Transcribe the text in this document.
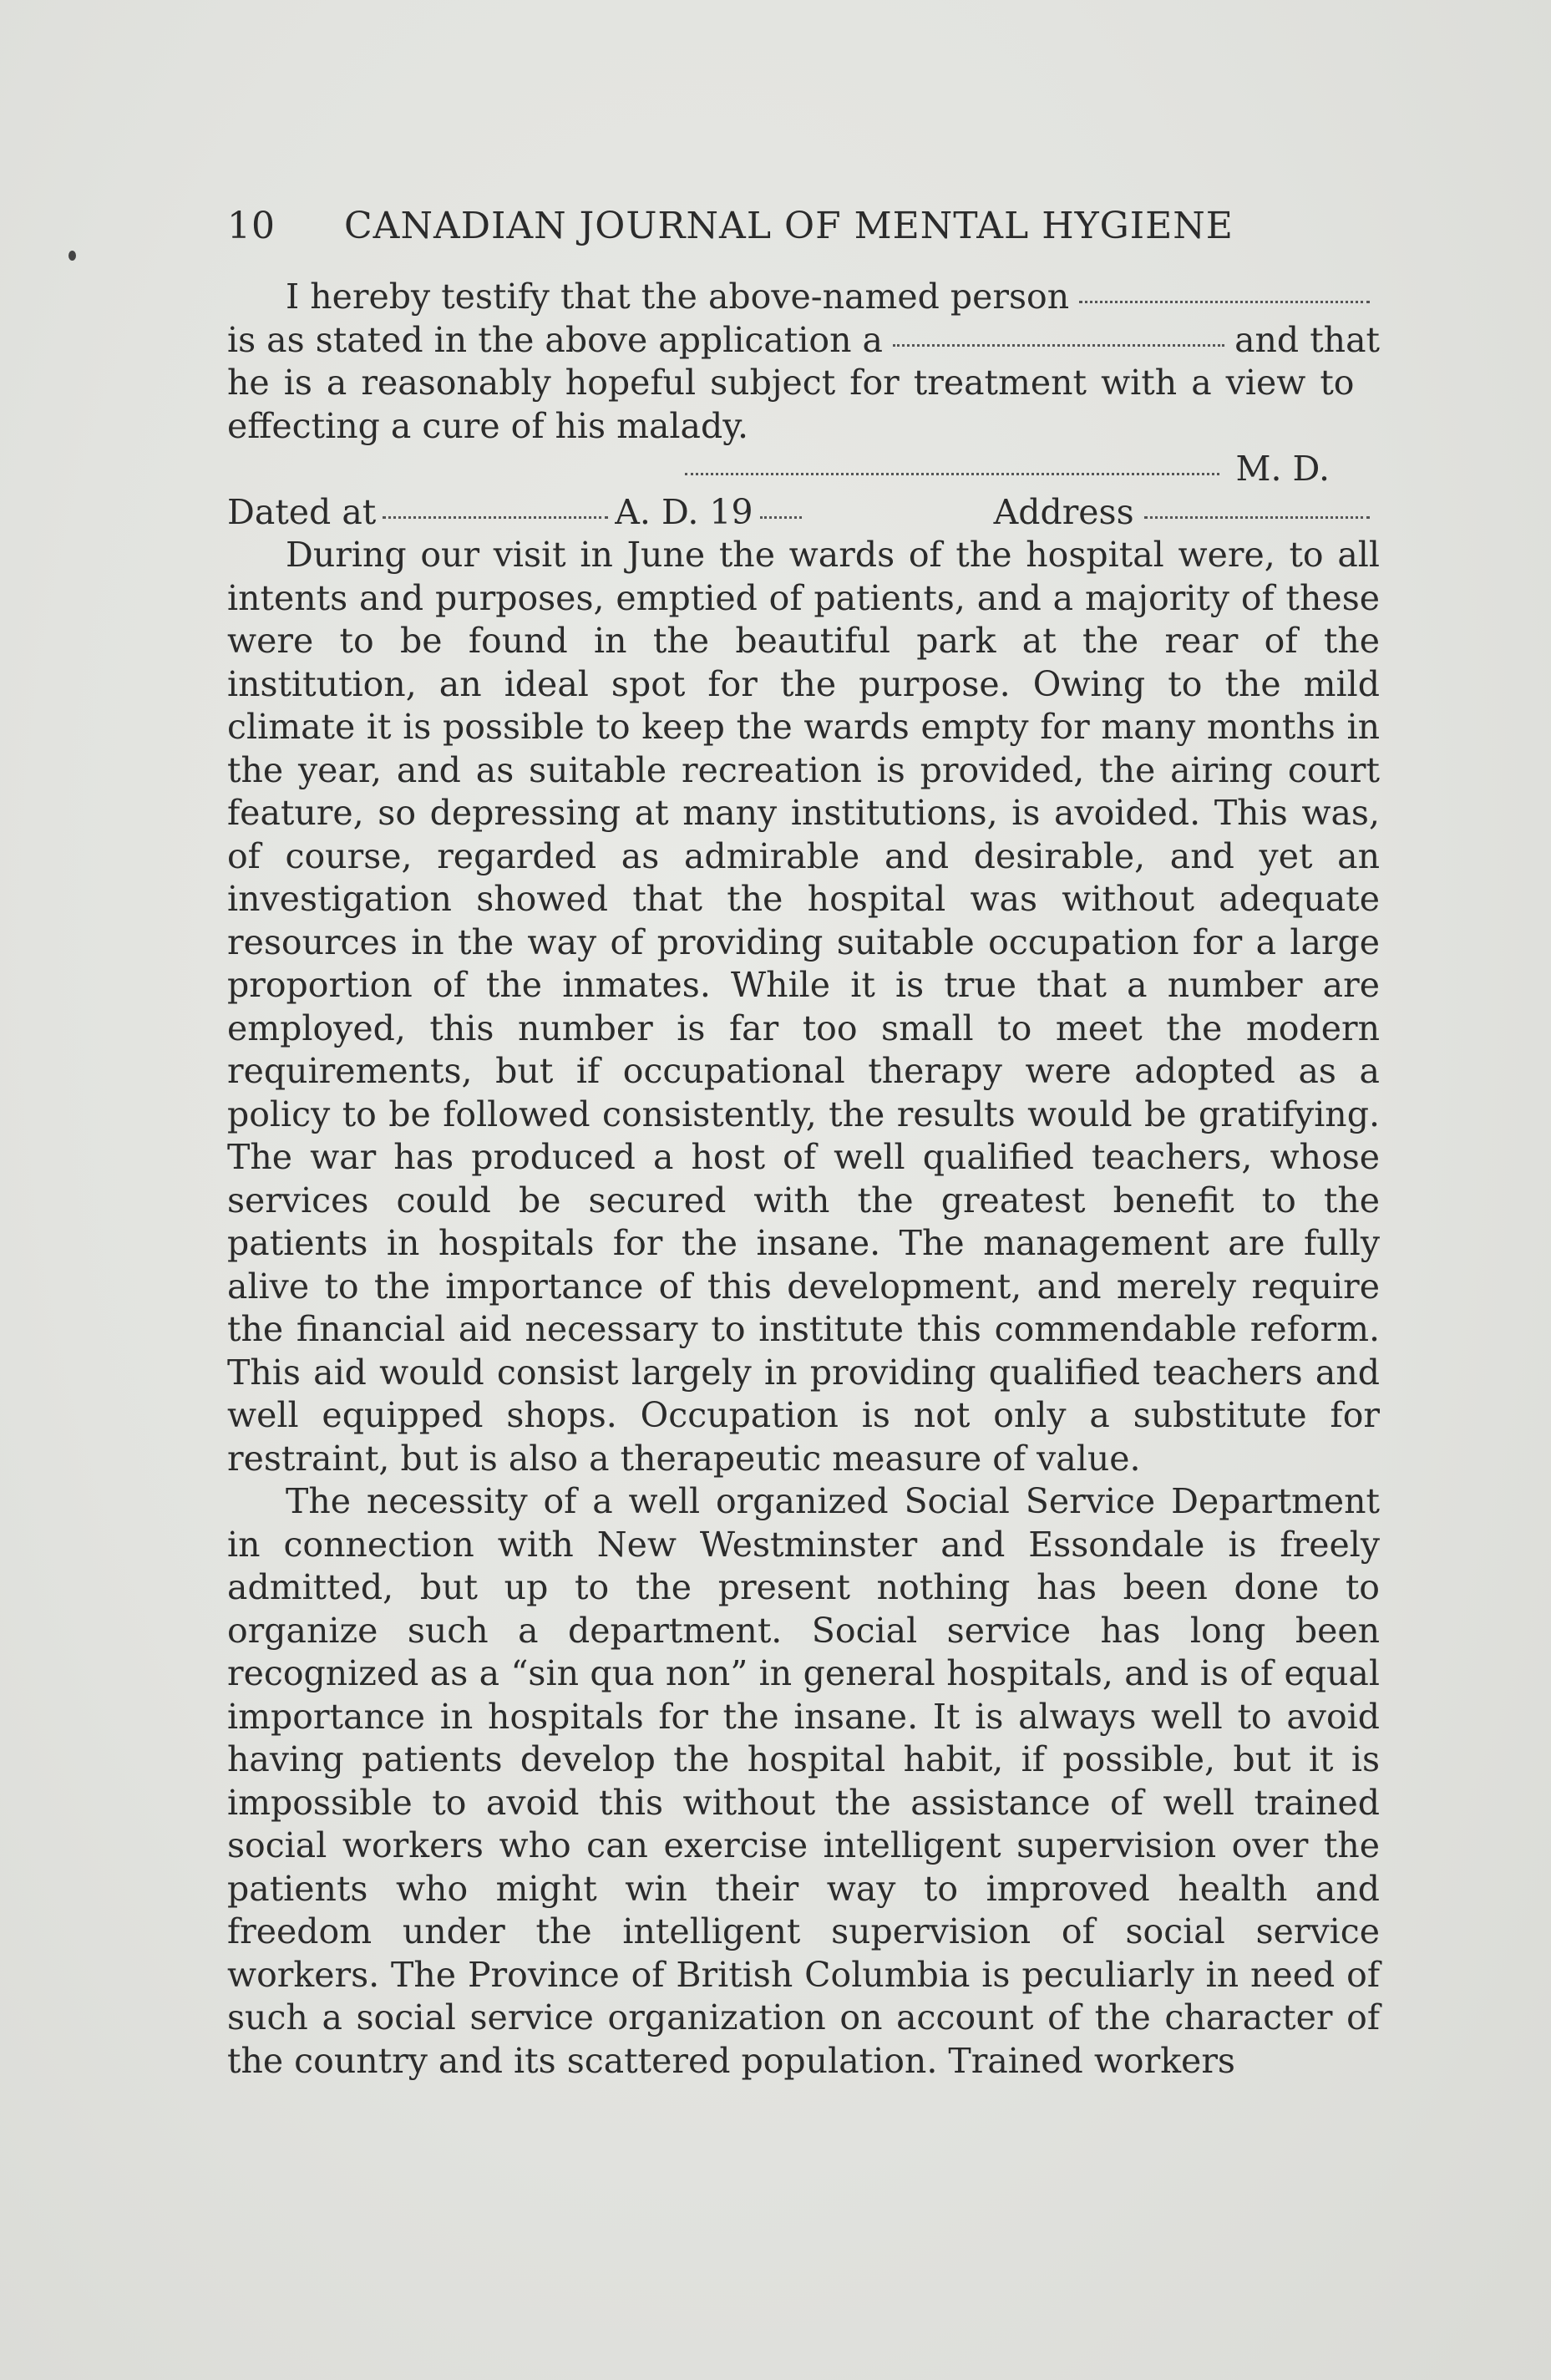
10	CANADIAN JOURNAL OF MENTAL HYGIENE
I hereby testify that the above-named person
is as stated in the above application a	and that
he is a reasonably hopeful subject for treatment with a view to
effecting a cure of his malady.
M. D.
Dated at	A. D. 19	Address

During our visit in June the wards of the hospital were, to all intents and purposes, emptied of patients, and a majority of these were to be found in the beautiful park at the rear of the institution, an ideal spot for the purpose. Owing to the mild climate it is possible to keep the wards empty for many months in the year, and as suitable recreation is provided, the airing court feature, so depressing at many institutions, is avoided. This was, of course, regarded as admirable and desirable, and yet an investigation showed that the hospital was without adequate resources in the way of providing suitable occupation for a large proportion of the inmates. While it is true that a number are employed, this number is far too small to meet the modern requirements, but if occupational therapy were adopted as a policy to be followed consistently, the results would be gratifying. The war has produced a host of well qualified teachers, whose services could be secured with the greatest benefit to the patients in hospitals for the insane. The management are fully alive to the importance of this development, and merely require the financial aid necessary to institute this commendable reform. This aid would consist largely in providing qualified teachers and well equipped shops. Occupation is not only a substitute for restraint, but is also a therapeutic measure of value.

The necessity of a well organized Social Service Department in connection with New Westminster and Essondale is freely admitted, but up to the present nothing has been done to organize such a department. Social service has long been recognized as a “sin qua non” in general hospitals, and is of equal importance in hospitals for the insane. It is always well to avoid having patients develop the hospital habit, if possible, but it is impossible to avoid this without the assistance of well trained social workers who can exercise intelligent supervision over the patients who might win their way to improved health and freedom under the intelligent supervision of social service workers. The Province of British Columbia is peculiarly in need of such a social service organization on account of the character of the country and its scattered population. Trained workers
